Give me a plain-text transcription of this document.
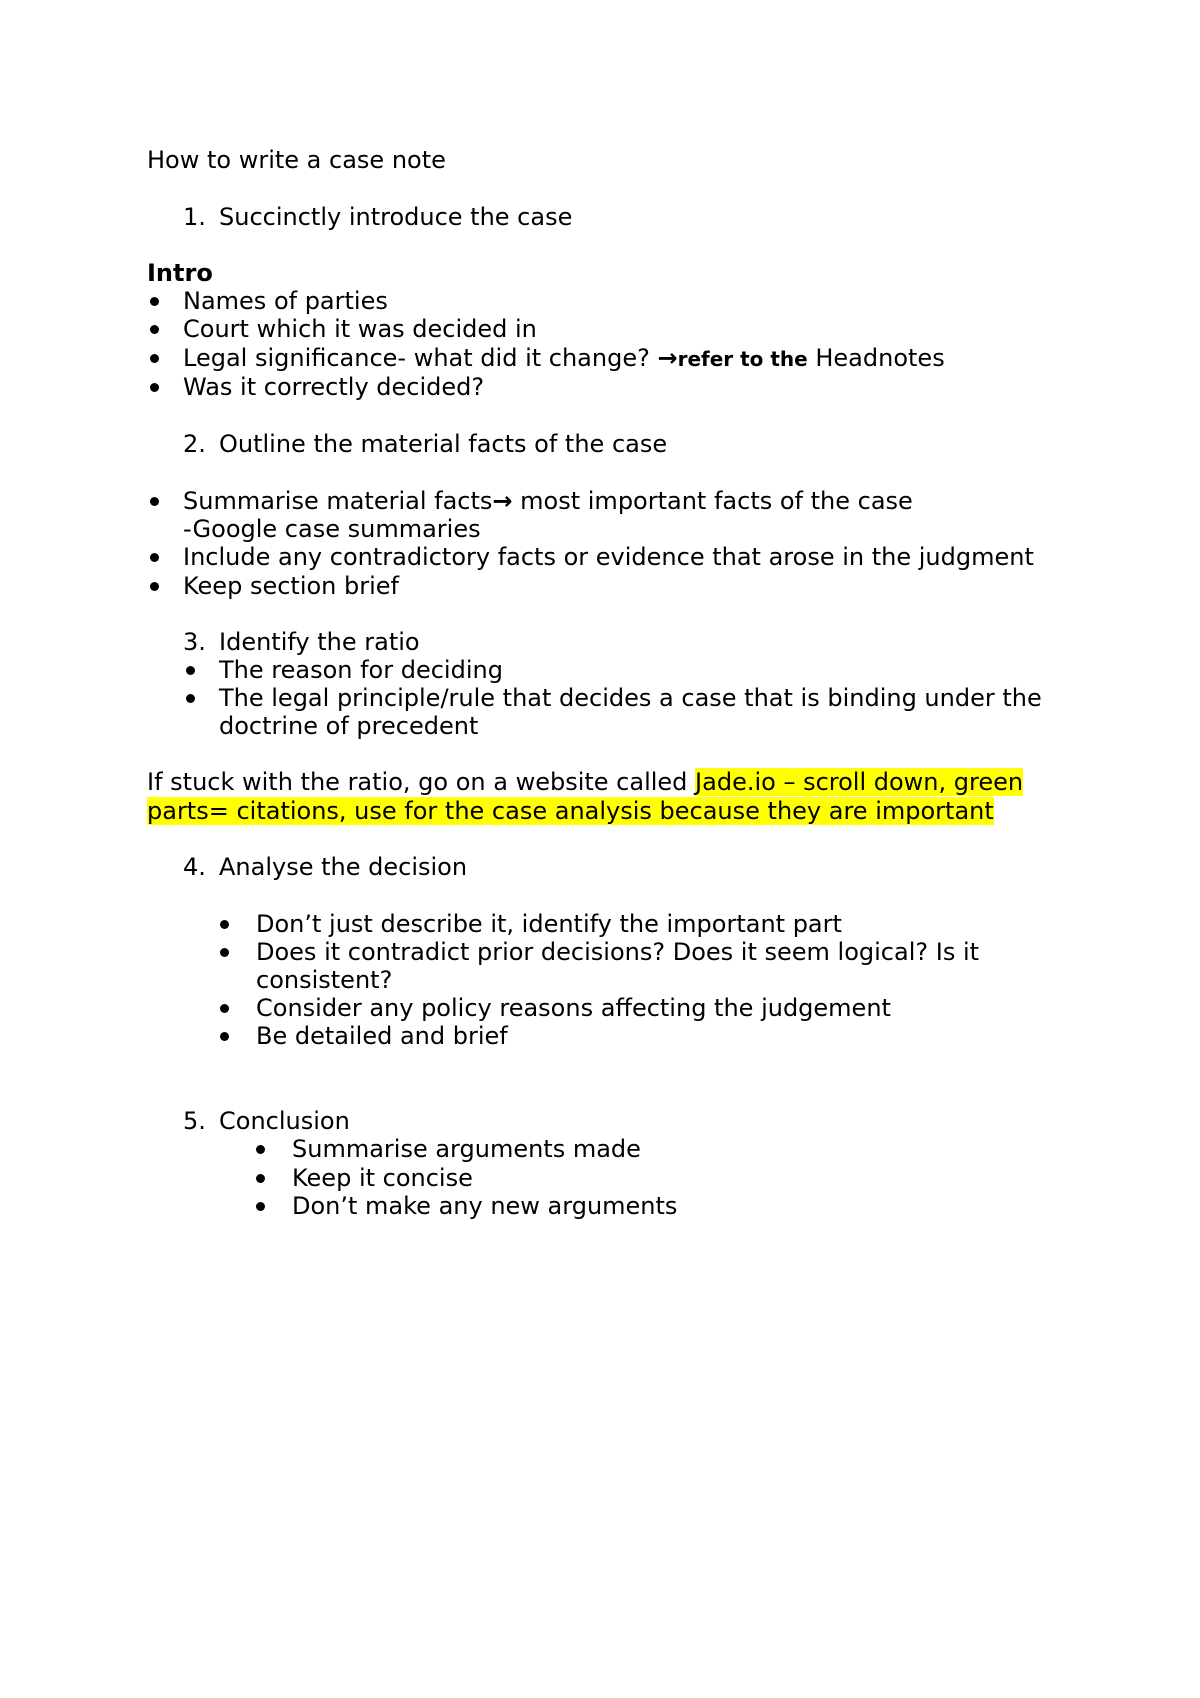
How to write a case note
1. Succinctly introduce the case
Intro
Names of parties
Court which it was decided in
Legal significance- what did it change? →refer to the Headnotes
Was it correctly decided?
2. Outline the material facts of the case
Summarise material facts→ most important facts of the case
-Google case summaries
Include any contradictory facts or evidence that arose in the judgment
Keep section brief
3. Identify the ratio
The reason for deciding
The legal principle/rule that decides a case that is binding under the
doctrine of precedent
If stuck with the ratio, go on a website called Jade.io – scroll down, green
parts= citations, use for the case analysis because they are important
4. Analyse the decision
Don’t just describe it, identify the important part
Does it contradict prior decisions? Does it seem logical? Is it
consistent?
Consider any policy reasons affecting the judgement
Be detailed and brief
5. Conclusion
Summarise arguments made
Keep it concise
Don’t make any new arguments
